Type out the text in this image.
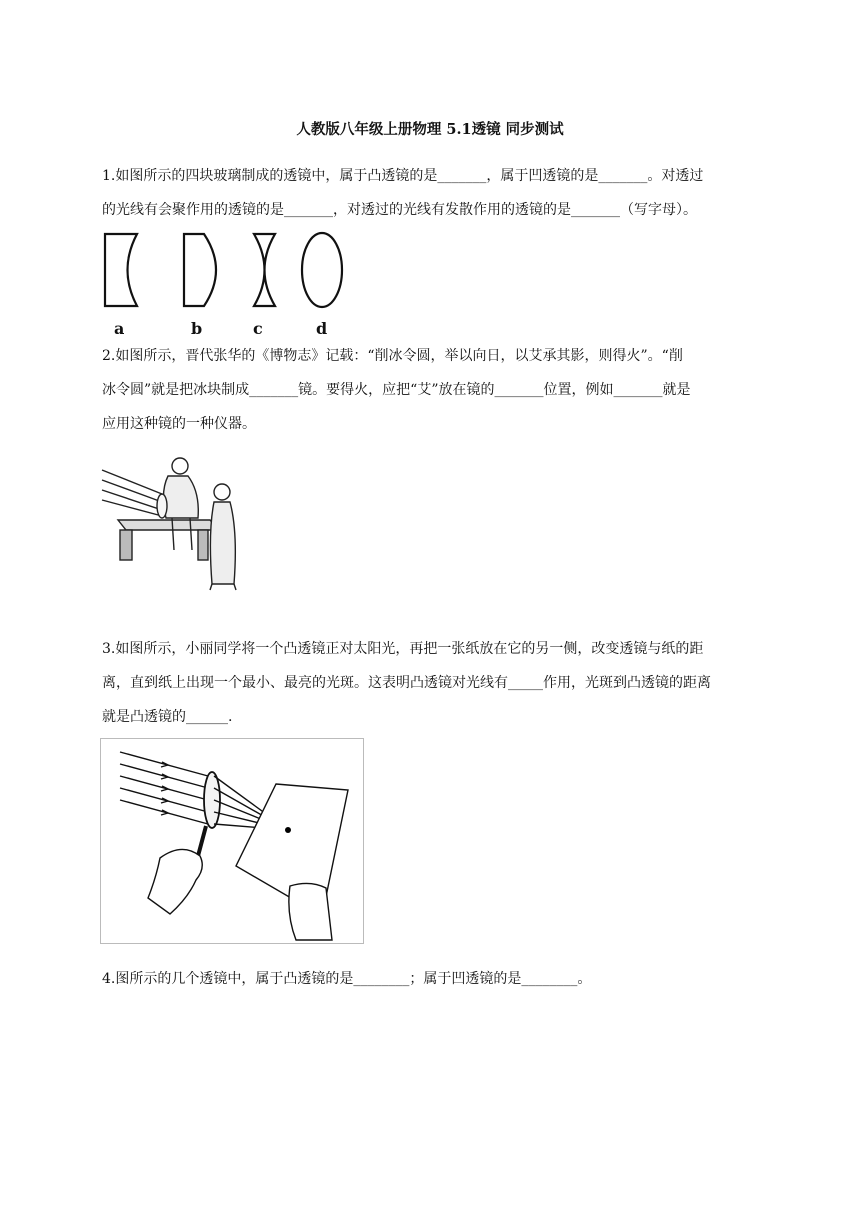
人教版八年级上册物理 5.1透镜 同步测试
1.如图所示的四块玻璃制成的透镜中，属于凸透镜的是_______，属于凹透镜的是_______。对透过
的光线有会聚作用的透镜的是_______，对透过的光线有发散作用的透镜的是_______（写字母）。
a	b	c	d
2.如图所示，晋代张华的《博物志》记载：“削冰令圆，举以向日，以艾承其影，则得火”。“削
冰令圆”就是把冰块制成_______镜。要得火，应把“艾”放在镜的_______位置，例如_______就是
应用这种镜的一种仪器。
3.如图所示，小丽同学将一个凸透镜正对太阳光，再把一张纸放在它的另一侧，改变透镜与纸的距
离，直到纸上出现一个最小、最亮的光斑。这表明凸透镜对光线有_____作用，光斑到凸透镜的距离
就是凸透镜的______.
4.图所示的几个透镜中，属于凸透镜的是________；属于凹透镜的是________。
